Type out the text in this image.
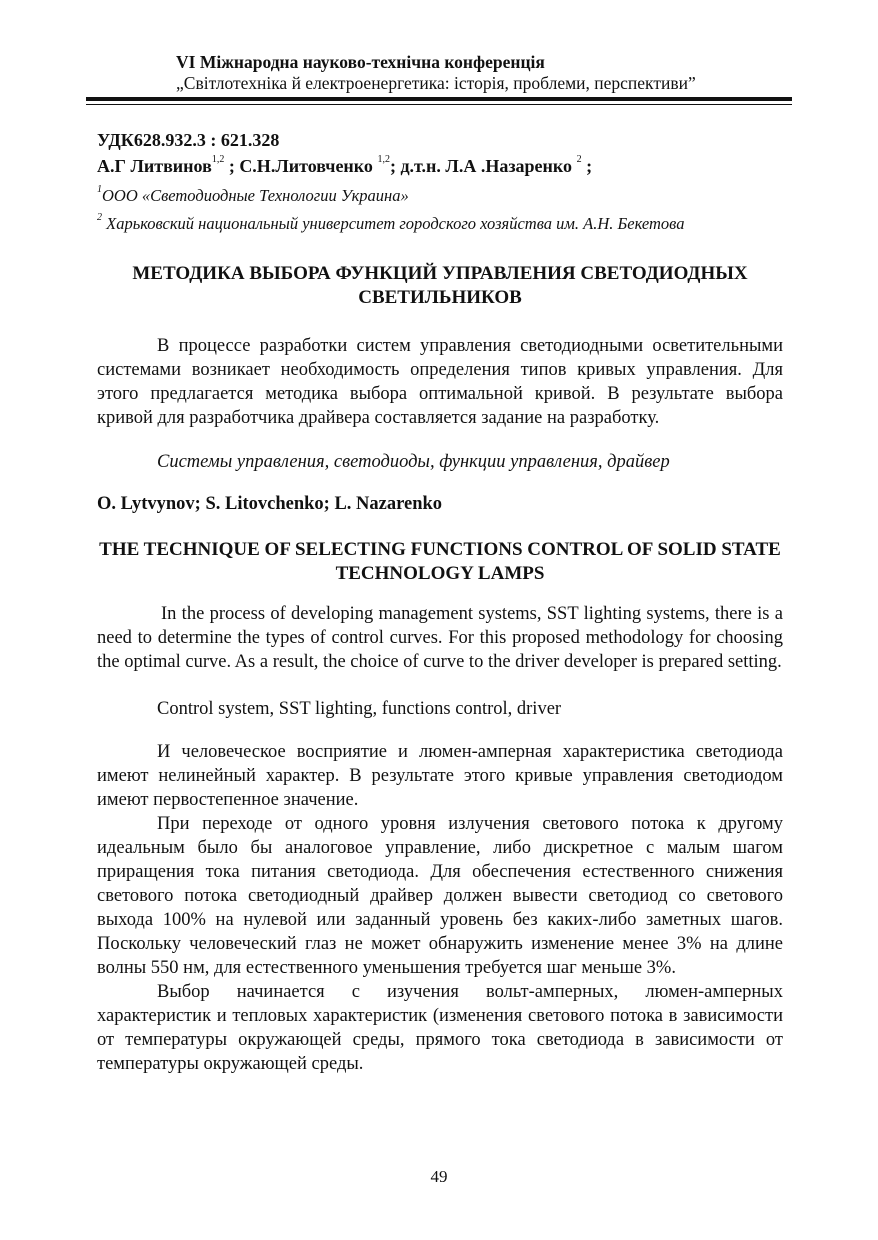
VI Міжнародна науково-технічна конференція
„Світлотехніка й електроенергетика: історія, проблеми, перспективи”
УДК628.932.3 : 621.328
А.Г Литвинов$^{1,2}$ ; С.Н.Литовченко $^{1,2}$; д.т.н. Л.А .Назаренко $^2$ ;
$^1$ООО «Светодиодные Технологии Украина»
$^2$ Харьковский национальный университет городского хозяйства им. А.Н. Бекетова
МЕТОДИКА ВЫБОРА ФУНКЦИЙ УПРАВЛЕНИЯ СВЕТОДИОДНЫХ СВЕТИЛЬНИКОВ
В процессе разработки систем управления светодиодными осветительными системами возникает необходимость определения типов кривых управления. Для этого предлагается методика выбора оптимальной кривой. В результате выбора кривой для разработчика драйвера составляется задание на разработку.
Системы управления, светодиоды, функции управления, драйвер
O. Lytvynov; S. Litovchenko; L. Nazarenko
THE TECHNIQUE OF SELECTING FUNCTIONS CONTROL OF SOLID STATE TECHNOLOGY LAMPS
In the process of developing management systems, SST lighting systems, there is a need to determine the types of control curves. For this proposed methodology for choosing the optimal curve. As a result, the choice of curve to the driver developer is prepared setting.
Control system, SST lighting, functions control, driver

И человеческое восприятие и люмен-амперная характеристика светодиода имеют нелинейный характер. В результате этого кривые управления светодиодом имеют первостепенное значение.

При переходе от одного уровня излучения светового потока к другому идеальным было бы аналоговое управление, либо дискретное с малым шагом приращения тока питания светодиода. Для обеспечения естественного снижения светового потока светодиодный драйвер должен вывести светодиод со светового выхода 100% на нулевой или заданный уровень без каких-либо заметных шагов. Поскольку человеческий глаз не может обнаружить изменение менее 3% на длине волны 550 нм, для естественного уменьшения требуется шаг меньше 3%.

Выбор начинается с изучения вольт-амперных, люмен-амперных характеристик и тепловых характеристик (изменения светового потока в зависимости от температуры окружающей среды, прямого тока светодиода в зависимости от температуры окружающей среды.

49
